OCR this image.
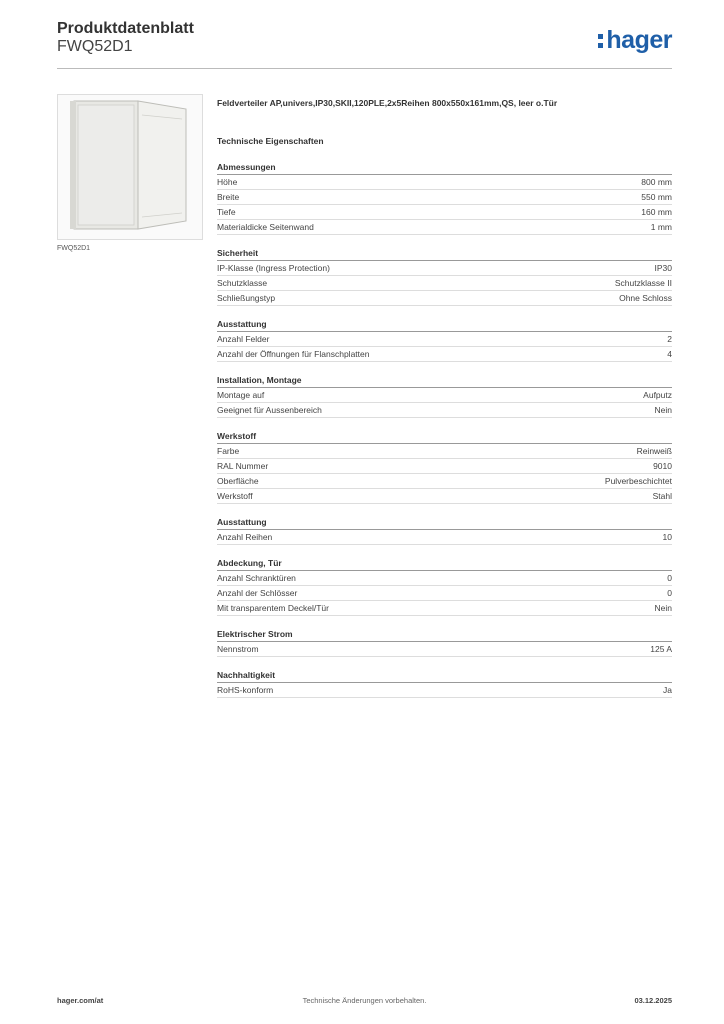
Produktdatenblatt
FWQ52D1	hager
FWQ52D1
Feldverteiler AP,univers,IP30,SKII,120PLE,2x5Reihen 800x550x161mm,QS, leer o.Tür
Technische Eigenschaften
Abmessungen
Höhe	800 mm
Breite	550 mm
Tiefe	160 mm
Materialdicke Seitenwand	1 mm
Sicherheit
IP-Klasse (Ingress Protection)	IP30
Schutzklasse	Schutzklasse II
Schließungstyp	Ohne Schloss
Ausstattung
Anzahl Felder	2
Anzahl der Öffnungen für Flanschplatten	4
Installation, Montage
Montage auf	Aufputz
Geeignet für Aussenbereich	Nein
Werkstoff
Farbe	Reinweiß
RAL Nummer	9010
Oberfläche	Pulverbeschichtet
Werkstoff	Stahl
Ausstattung
Anzahl Reihen	10
Abdeckung, Tür
Anzahl Schranktüren	0
Anzahl der Schlösser	0
Mit transparentem Deckel/Tür	Nein
Elektrischer Strom
Nennstrom	125 A
Nachhaltigkeit
RoHS-konform	Ja
hager.com/at	Technische Änderungen vorbehalten.	03.12.2025
